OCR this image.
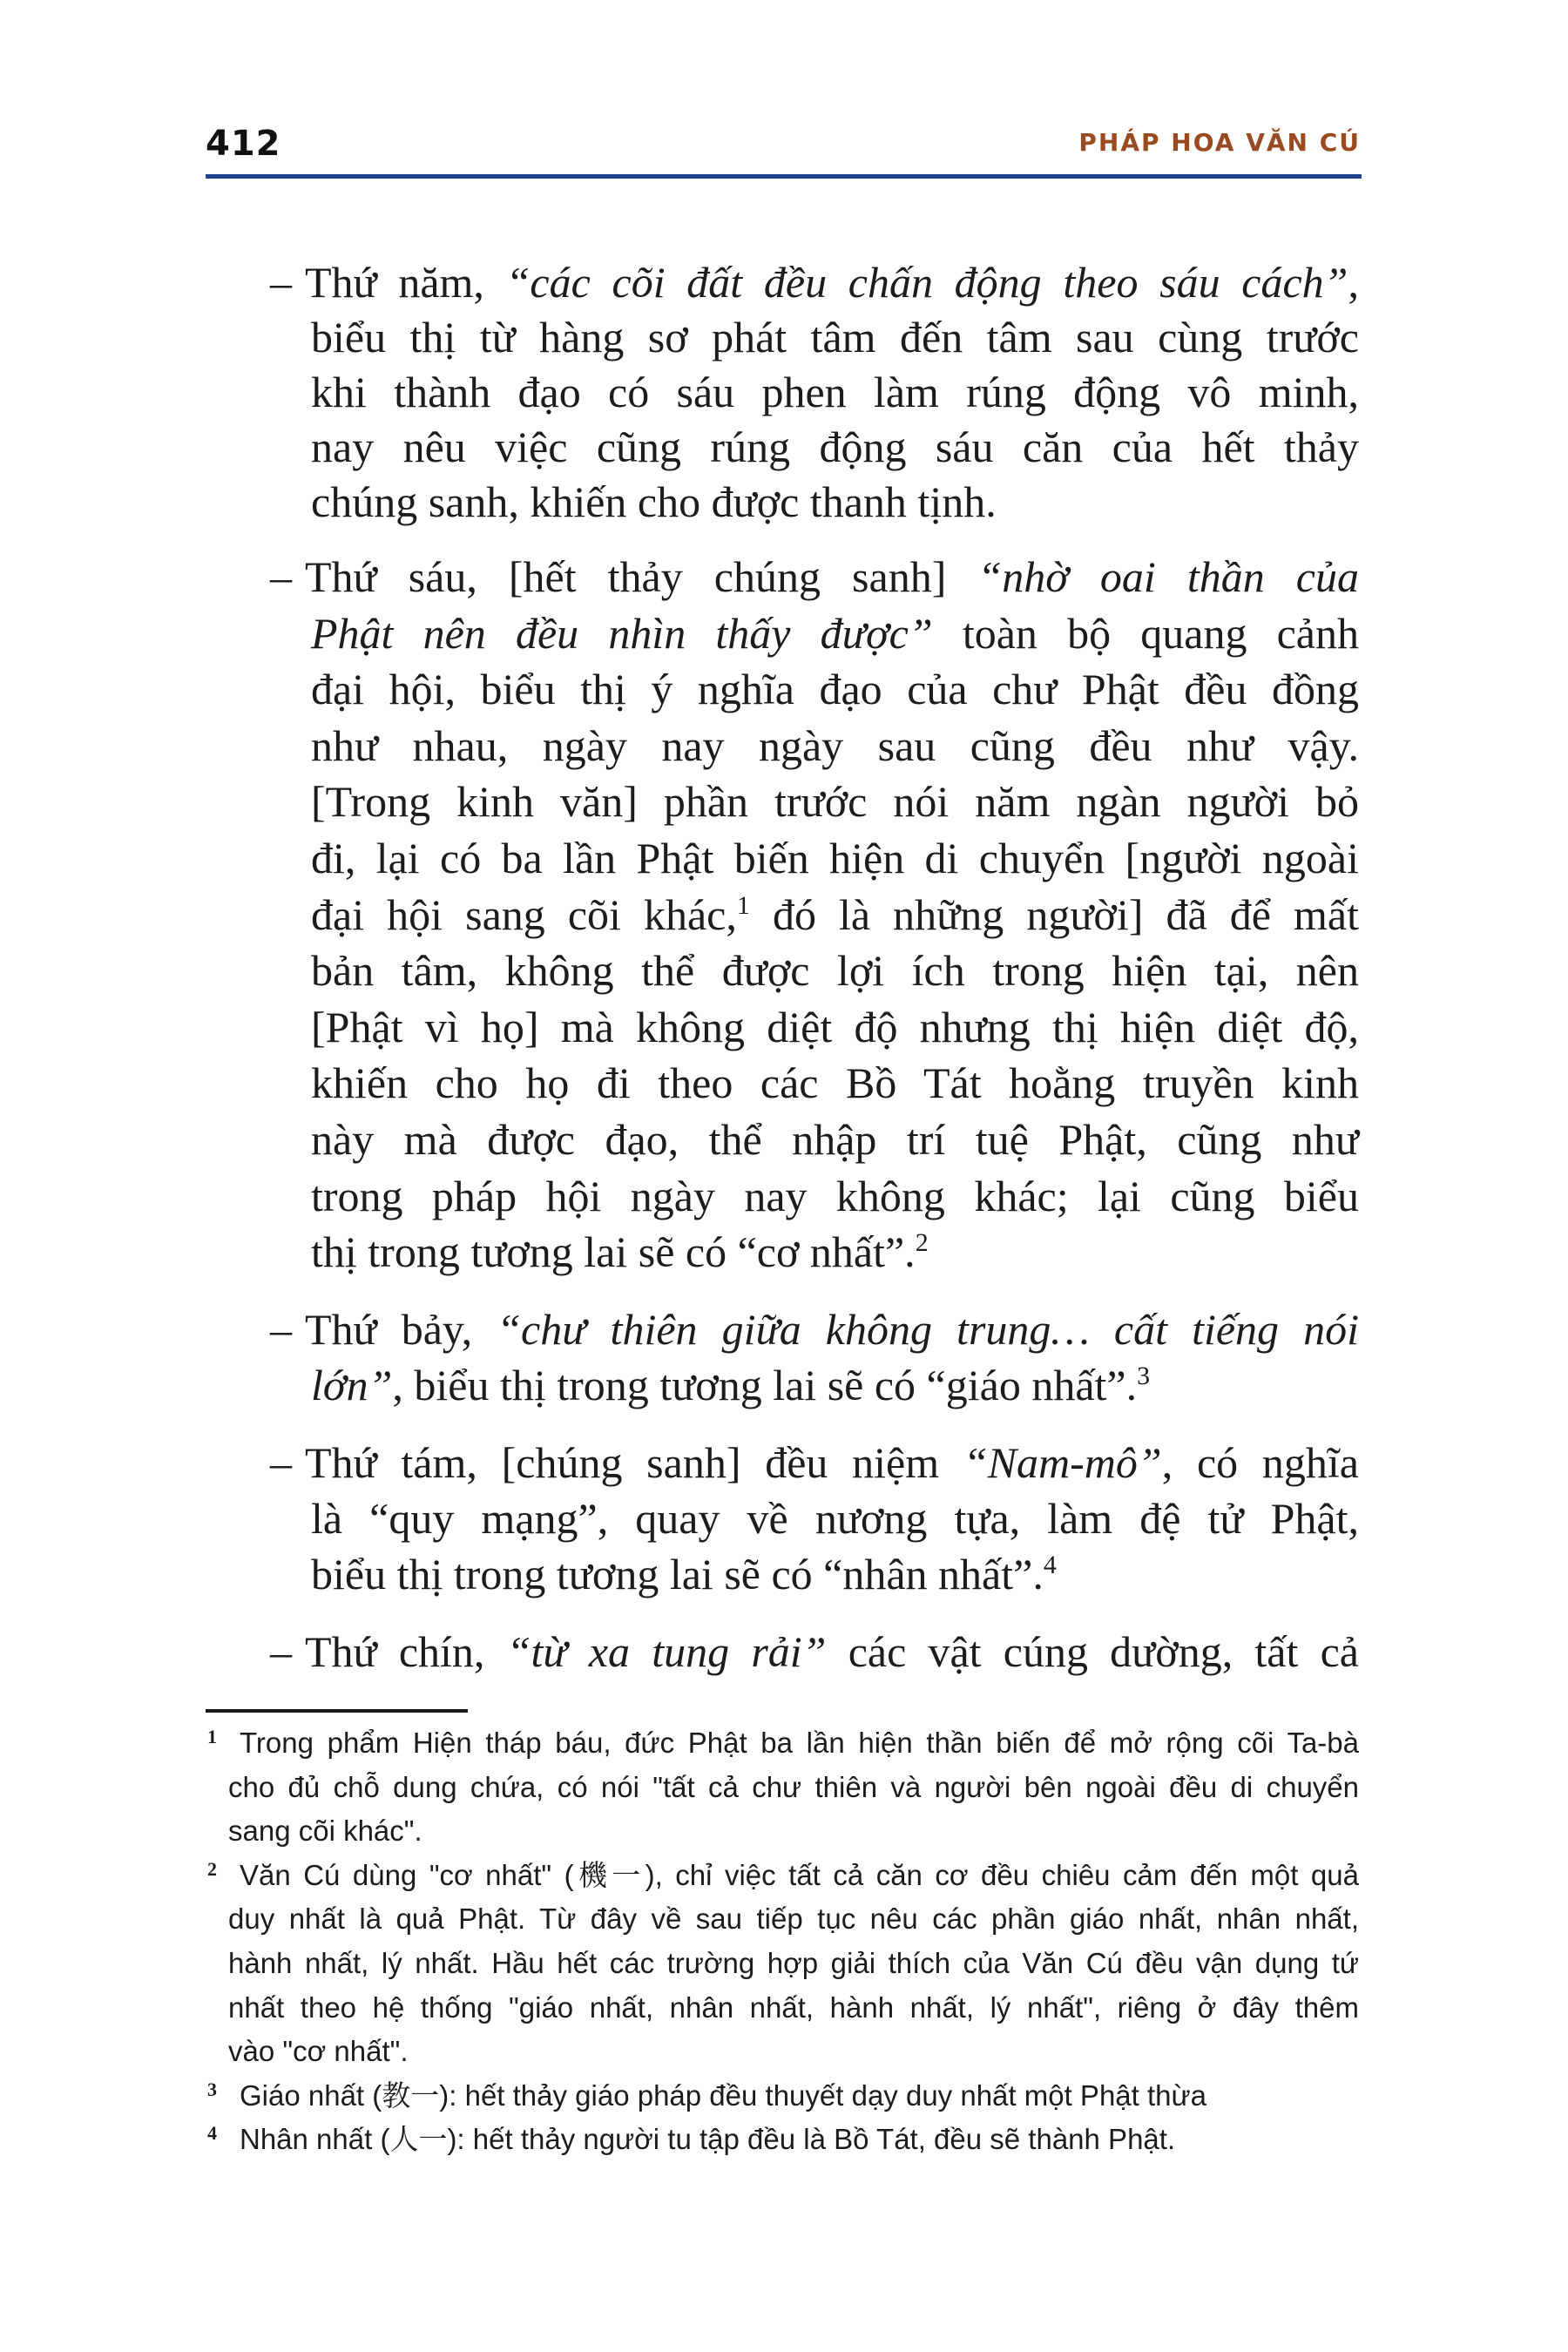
412	PHÁP HOA VĂN CÚ
– Thứ năm, “các cõi đất đều chấn động theo sáu cách”,
biểu thị từ hàng sơ phát tâm đến tâm sau cùng trước
khi thành đạo có sáu phen làm rúng động vô minh,
nay nêu việc cũng rúng động sáu căn của hết thảy
chúng sanh, khiến cho được thanh tịnh.
– Thứ sáu, [hết thảy chúng sanh] “nhờ oai thần của
Phật nên đều nhìn thấy được” toàn bộ quang cảnh
đại hội, biểu thị ý nghĩa đạo của chư Phật đều đồng
như nhau, ngày nay ngày sau cũng đều như vậy.
[Trong kinh văn] phần trước nói năm ngàn người bỏ
đi, lại có ba lần Phật biến hiện di chuyển [người ngoài
đại hội sang cõi khác,$^1$ đó là những người] đã để mất
bản tâm, không thể được lợi ích trong hiện tại, nên
[Phật vì họ] mà không diệt độ nhưng thị hiện diệt độ,
khiến cho họ đi theo các Bồ Tát hoằng truyền kinh
này mà được đạo, thể nhập trí tuệ Phật, cũng như
trong pháp hội ngày nay không khác; lại cũng biểu
thị trong tương lai sẽ có “cơ nhất”.$^2$
– Thứ bảy, “chư thiên giữa không trung… cất tiếng nói
lớn”, biểu thị trong tương lai sẽ có “giáo nhất”.$^3$
– Thứ tám, [chúng sanh] đều niệm “Nam-mô”, có nghĩa
là “quy mạng”, quay về nương tựa, làm đệ tử Phật,
biểu thị trong tương lai sẽ có “nhân nhất”.$^4$
– Thứ chín, “từ xa tung rải” các vật cúng dường, tất cả
1 Trong phẩm Hiện tháp báu, đức Phật ba lần hiện thần biến để mở rộng cõi Ta-bà
cho đủ chỗ dung chứa, có nói "tất cả chư thiên và người bên ngoài đều di chuyển
sang cõi khác".
2 Văn Cú dùng "cơ nhất" (機一), chỉ việc tất cả căn cơ đều chiêu cảm đến một quả
duy nhất là quả Phật. Từ đây về sau tiếp tục nêu các phần giáo nhất, nhân nhất,
hành nhất, lý nhất. Hầu hết các trường hợp giải thích của Văn Cú đều vận dụng tứ
nhất theo hệ thống "giáo nhất, nhân nhất, hành nhất, lý nhất", riêng ở đây thêm
vào "cơ nhất".
3 Giáo nhất (教一): hết thảy giáo pháp đều thuyết dạy duy nhất một Phật thừa
4 Nhân nhất (人一): hết thảy người tu tập đều là Bồ Tát, đều sẽ thành Phật.
